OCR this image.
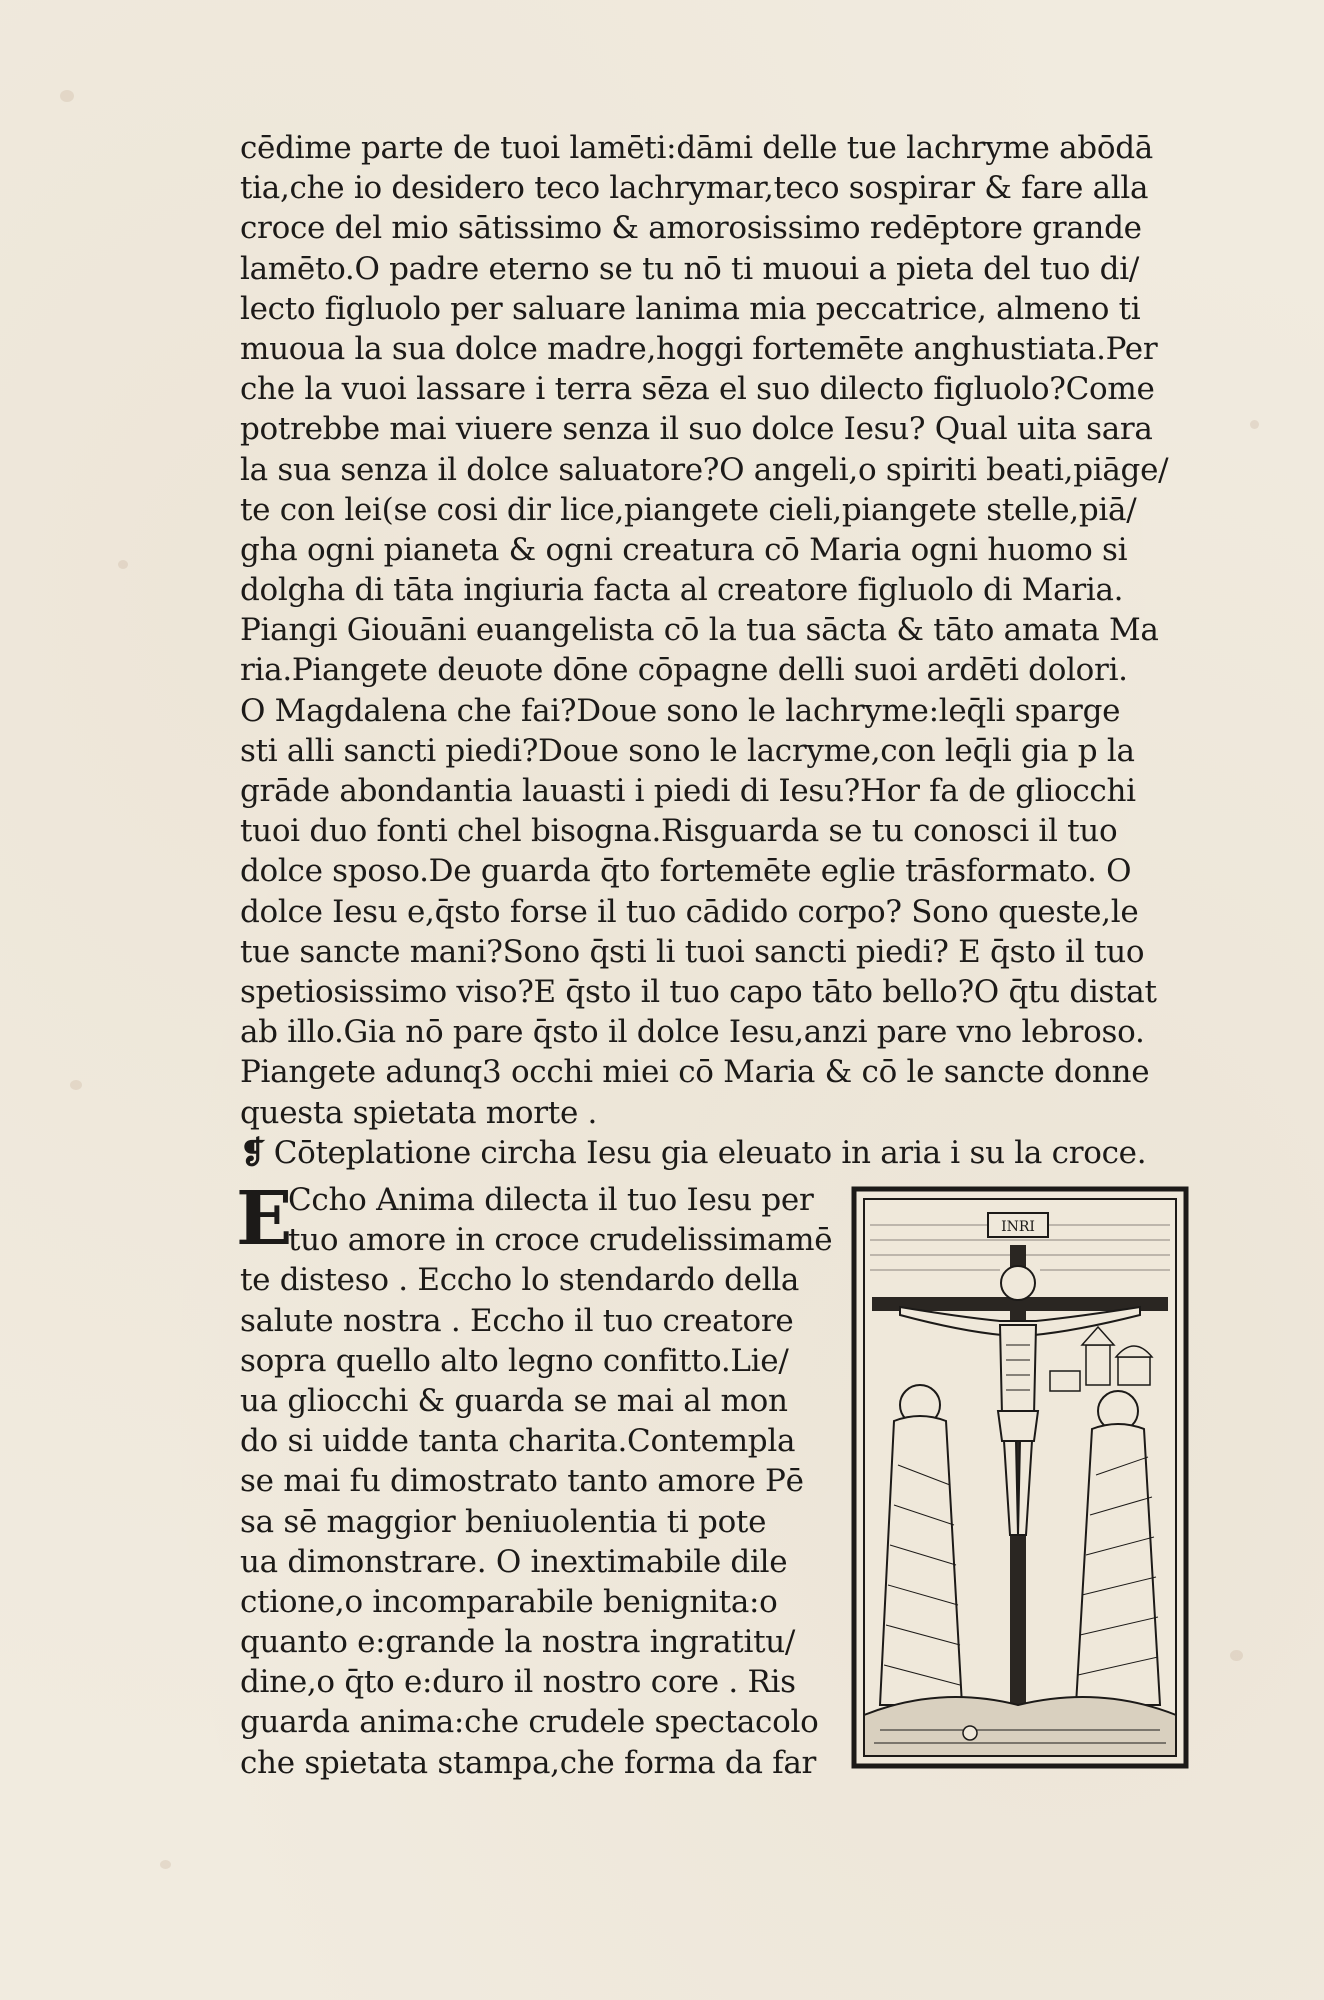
cēdime parte de tuoi lamēti:dāmi delle tue lachryme abōdā
tia,che io desidero teco lachrymar,teco sospirar & fare alla
croce del mio sātissimo & amorosissimo redēptore grande
lamēto.O padre eterno se tu nō ti muoui a pieta del tuo di/
lecto figluolo per saluare lanima mia peccatrice, almeno ti
muoua la sua dolce madre,hoggi fortemēte anghustiata.Per
che la vuoi lassare i terra sēza el suo dilecto figluolo?Come
potrebbe mai viuere senza il suo dolce Iesu? Qual uita sara
la sua senza il dolce saluatore?O angeli,o spiriti beati,piāge/
te con lei(se cosi dir lice,piangete cieli,piangete stelle,piā/
gha ogni pianeta & ogni creatura cō Maria ogni huomo si
dolgha di tāta ingiuria facta al creatore figluolo di Maria.
Piangi Giouāni euangelista cō la tua sācta & tāto amata Ma
ria.Piangete deuote dōne cōpagne delli suoi ardēti dolori.
O Magdalena che fai?Doue sono le lachryme:leq̄li sparge
sti alli sancti piedi?Doue sono le lacryme,con leq̄li gia p la
grāde abondantia lauasti i piedi di Iesu?Hor fa de gliocchi
tuoi duo fonti chel bisogna.Risguarda se tu conosci il tuo
dolce sposo.De guarda q̄to fortemēte eglie trāsformato. O
dolce Iesu e,q̄sto forse il tuo cādido corpo? Sono queste,le
tue sancte mani?Sono q̄sti li tuoi sancti piedi? E q̄sto il tuo
spetiosissimo viso?E q̄sto il tuo capo tāto bello?O q̄tu distat
ab illo.Gia nō pare q̄sto il dolce Iesu,anzi pare vno lebroso.
Piangete adunq3 occhi miei cō Maria & cō le sancte donne
questa spietata morte .
❡ Cōteplatione circha Iesu gia eleuato in aria i su la croce.
E
Ccho Anima dilecta il tuo Iesu per
tuo amore in croce crudelissimamē
te disteso . Eccho lo stendardo della
salute nostra . Eccho il tuo creatore
sopra quello alto legno confitto.Lie/
ua gliocchi & guarda se mai al mon
do si uidde tanta charita.Contempla
se mai fu dimostrato tanto amore Pē
sa sē maggior beniuolentia ti pote
ua dimonstrare. O inextimabile dile
ctione,o incomparabile benignita:o
quanto e:grande la nostra ingratitu/
dine,o q̄to e:duro il nostro core . Ris
guarda anima:che crudele spectacolo
che spietata stampa,che forma da far
INRI
